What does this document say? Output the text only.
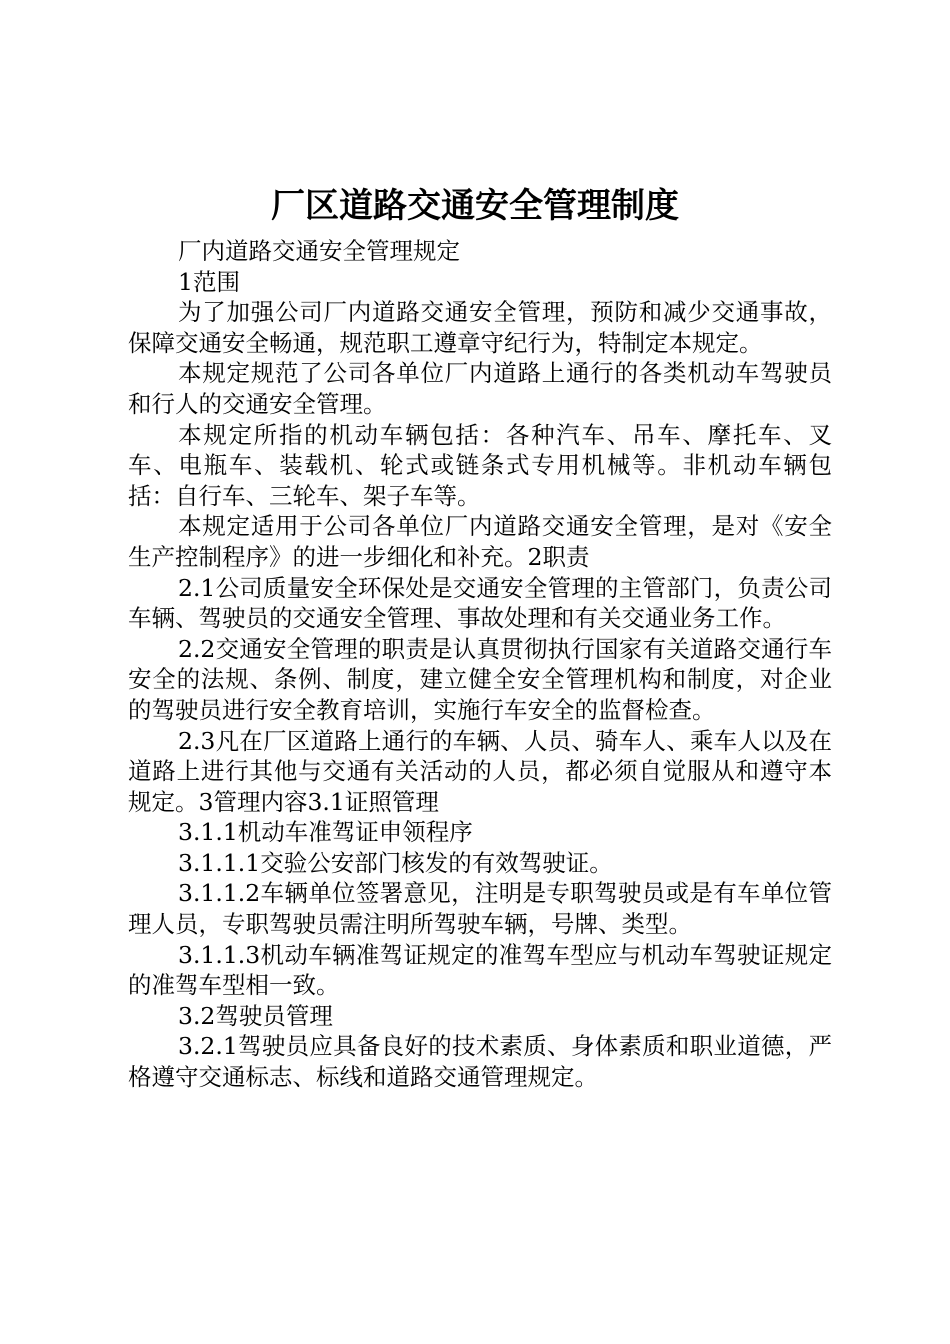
厂区道路交通安全管理制度

厂内道路交通安全管理规定

1范围

为了加强公司厂内道路交通安全管理，预防和减少交通事故，保障交通安全畅通，规范职工遵章守纪行为，特制定本规定。

本规定规范了公司各单位厂内道路上通行的各类机动车驾驶员和行人的交通安全管理。

本规定所指的机动车辆包括：各种汽车、吊车、摩托车、叉车、电瓶车、装载机、轮式或链条式专用机械等。非机动车辆包括：自行车、三轮车、架子车等。

本规定适用于公司各单位厂内道路交通安全管理，是对《安全生产控制程序》的进一步细化和补充。2职责

2.1公司质量安全环保处是交通安全管理的主管部门，负责公司车辆、驾驶员的交通安全管理、事故处理和有关交通业务工作。

2.2交通安全管理的职责是认真贯彻执行国家有关道路交通行车安全的法规、条例、制度，建立健全安全管理机构和制度，对企业的驾驶员进行安全教育培训，实施行车安全的监督检查。

2.3凡在厂区道路上通行的车辆、人员、骑车人、乘车人以及在道路上进行其他与交通有关活动的人员，都必须自觉服从和遵守本规定。3管理内容3.1证照管理

3.1.1机动车准驾证申领程序

3.1.1.1交验公安部门核发的有效驾驶证。

3.1.1.2车辆单位签署意见，注明是专职驾驶员或是有车单位管理人员，专职驾驶员需注明所驾驶车辆，号牌、类型。

3.1.1.3机动车辆准驾证规定的准驾车型应与机动车驾驶证规定的准驾车型相一致。

3.2驾驶员管理

3.2.1驾驶员应具备良好的技术素质、身体素质和职业道德，严格遵守交通标志、标线和道路交通管理规定。
